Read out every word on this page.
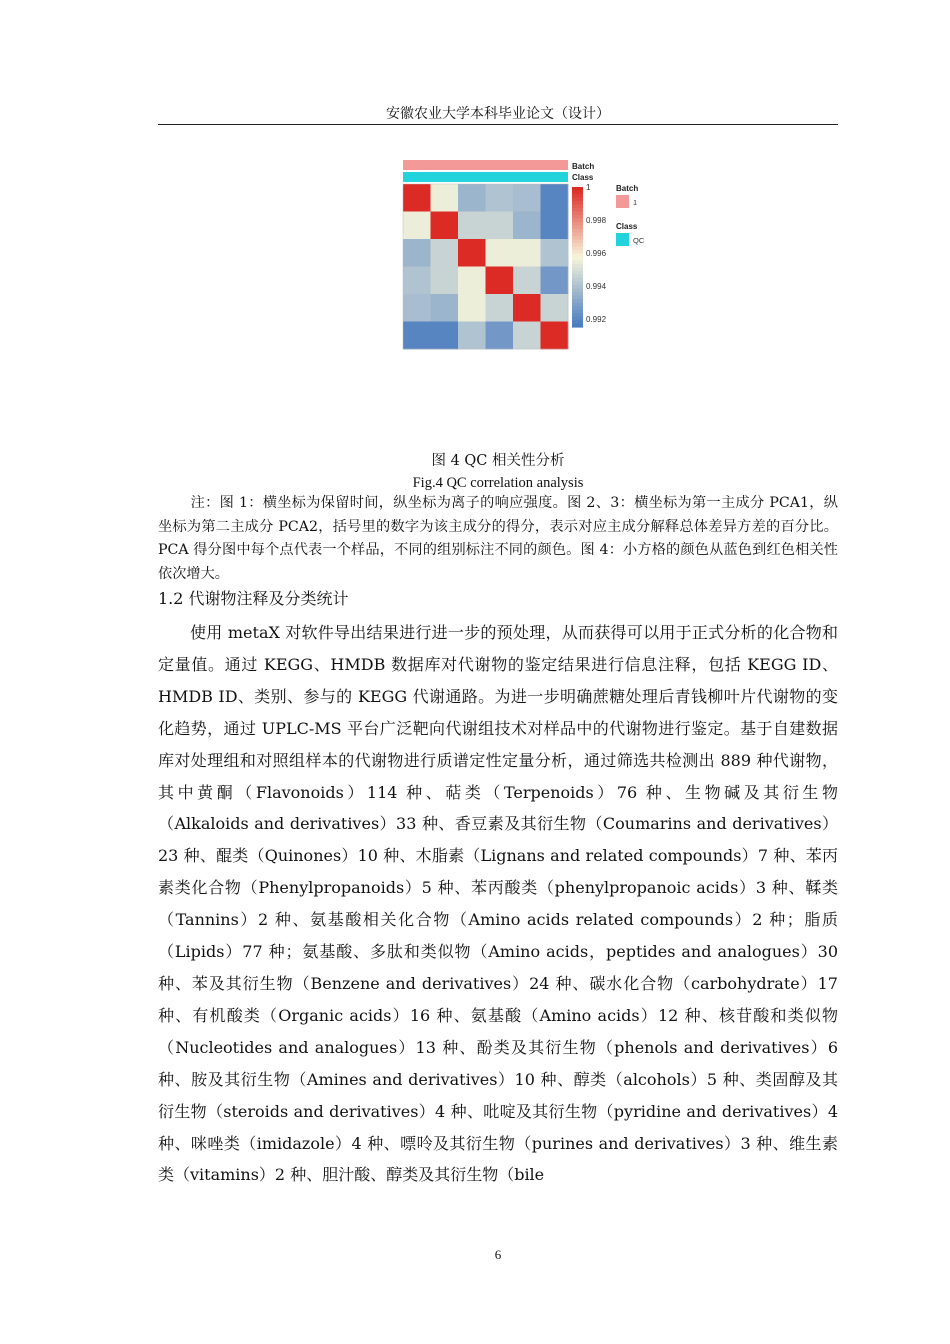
安徽农业大学本科毕业论文（设计）
Batch
Class
1
0.998
0.996
0.994
0.992
Batch
1
Class
QC
图 4 QC 相关性分析
Fig.4 QC correlation analysis

注：图 1：横坐标为保留时间，纵坐标为离子的响应强度。图 2、3：横坐标为第一主成分 PCA1，纵坐标为第二主成分 PCA2，括号里的数字为该主成分的得分，表示对应主成分解释总体差异方差的百分比。PCA 得分图中每个点代表一个样品，不同的组别标注不同的颜色。图 4：小方格的颜色从蓝色到红色相关性依次增大。

1.2 代谢物注释及分类统计

使用 metaX 对软件导出结果进行进一步的预处理，从而获得可以用于正式分析的化合物和定量值。通过 KEGG、HMDB 数据库对代谢物的鉴定结果进行信息注释，包括 KEGG ID、HMDB ID、类别、参与的 KEGG 代谢通路。为进一步明确蔗糖处理后青钱柳叶片代谢物的变化趋势，通过 UPLC-MS 平台广泛靶向代谢组技术对样品中的代谢物进行鉴定。基于自建数据库对处理组和对照组样本的代谢物进行质谱定性定量分析，通过筛选共检测出 889 种代谢物，其中黄酮（Flavonoids）114 种、萜类（Terpenoids）76 种、生物碱及其衍生物（Alkaloids and derivatives）33 种、香豆素及其衍生物（Coumarins and derivatives）23 种、醌类（Quinones）10 种、木脂素（Lignans and related compounds）7 种、苯丙素类化合物（Phenylpropanoids）5 种、苯丙酸类（phenylpropanoic acids）3 种、鞣类（Tannins）2 种、氨基酸相关化合物（Amino acids related compounds）2 种；脂质（Lipids）77 种；氨基酸、多肽和类似物（Amino acids，peptides and analogues）30 种、苯及其衍生物（Benzene and derivatives）24 种、碳水化合物（carbohydrate）17 种、有机酸类（Organic acids）16 种、氨基酸（Amino acids）12 种、核苷酸和类似物（Nucleotides and analogues）13 种、酚类及其衍生物（phenols and derivatives）6 种、胺及其衍生物（Amines and derivatives）10 种、醇类（alcohols）5 种、类固醇及其衍生物（steroids and derivatives）4 种、吡啶及其衍生物（pyridine and derivatives）4 种、咪唑类（imidazole）4 种、嘌呤及其衍生物（purines and derivatives）3 种、维生素类（vitamins）2 种、胆汁酸、醇类及其衍生物（bile

6
